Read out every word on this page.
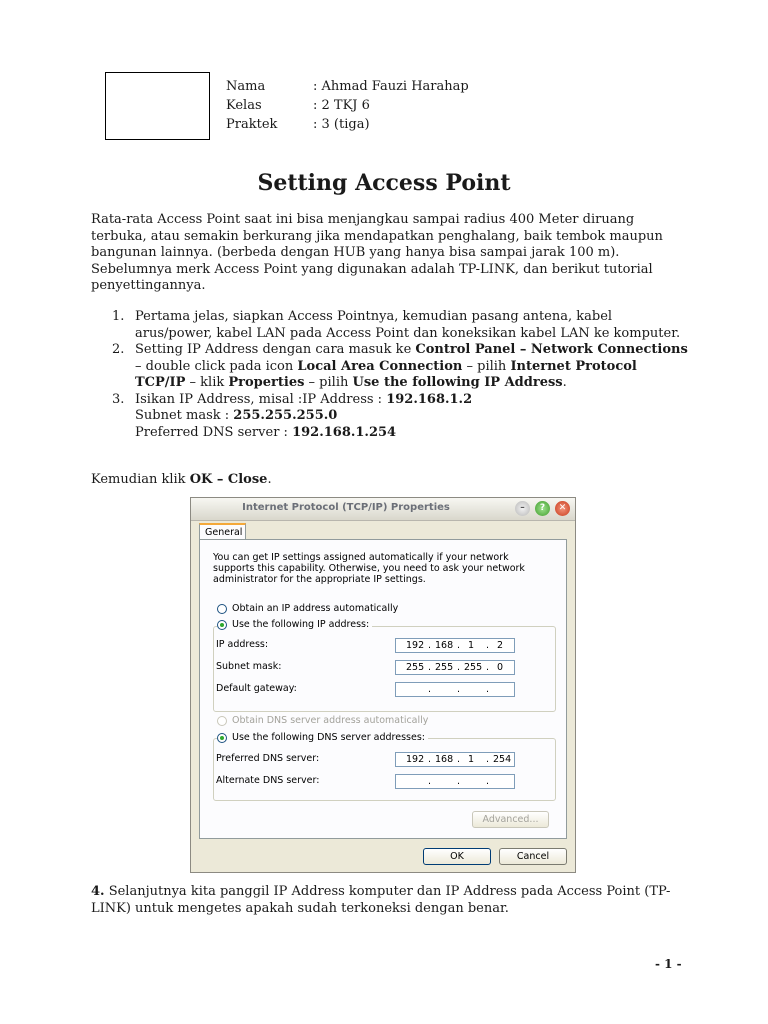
Nama	: Ahmad Fauzi Harahap
Kelas	: 2 TKJ 6
Praktek	: 3 (tiga)
Setting Access Point

Rata-rata Access Point saat ini bisa menjangkau sampai radius 400 Meter diruang terbuka, atau semakin berkurang jika mendapatkan penghalang, baik tembok maupun bangunan lainnya. (berbeda dengan HUB yang hanya bisa sampai jarak 100 m). Sebelumnya merk Access Point yang digunakan adalah TP-LINK, dan berikut tutorial penyettingannya.

1. Pertama jelas, siapkan Access Pointnya, kemudian pasang antena, kabel arus/power, kabel LAN pada Access Point dan koneksikan kabel LAN ke komputer.
2. Setting IP Address dengan cara masuk ke Control Panel – Network Connections – double click pada icon Local Area Connection – pilih Internet Protocol TCP/IP – klik Properties – pilih Use the following IP Address.
3. Isikan IP Address, misal :IP Address : 192.168.1.2
Subnet mask : 255.255.255.0
Preferred DNS server : 192.168.1.254
Kemudian klik OK – Close.
Internet Protocol (TCP/IP) Properties	–	?	✕
General
You can get IP settings assigned automatically if your network supports this capability. Otherwise, you need to ask your network administrator for the appropriate IP settings.
Obtain an IP address automatically
Use the following IP address:
IP address:	192 . 168 . 1 . 2
Subnet mask:	255 . 255 . 255 . 0
Default gateway:	.	.	.
Obtain DNS server address automatically
Use the following DNS server addresses:
Preferred DNS server:	192 . 168 . 1 . 254
Alternate DNS server:	.	.	.
Advanced...
OK	Cancel

4. Selanjutnya kita panggil IP Address komputer dan IP Address pada Access Point (TP-LINK) untuk mengetes apakah sudah terkoneksi dengan benar.

- 1 -
